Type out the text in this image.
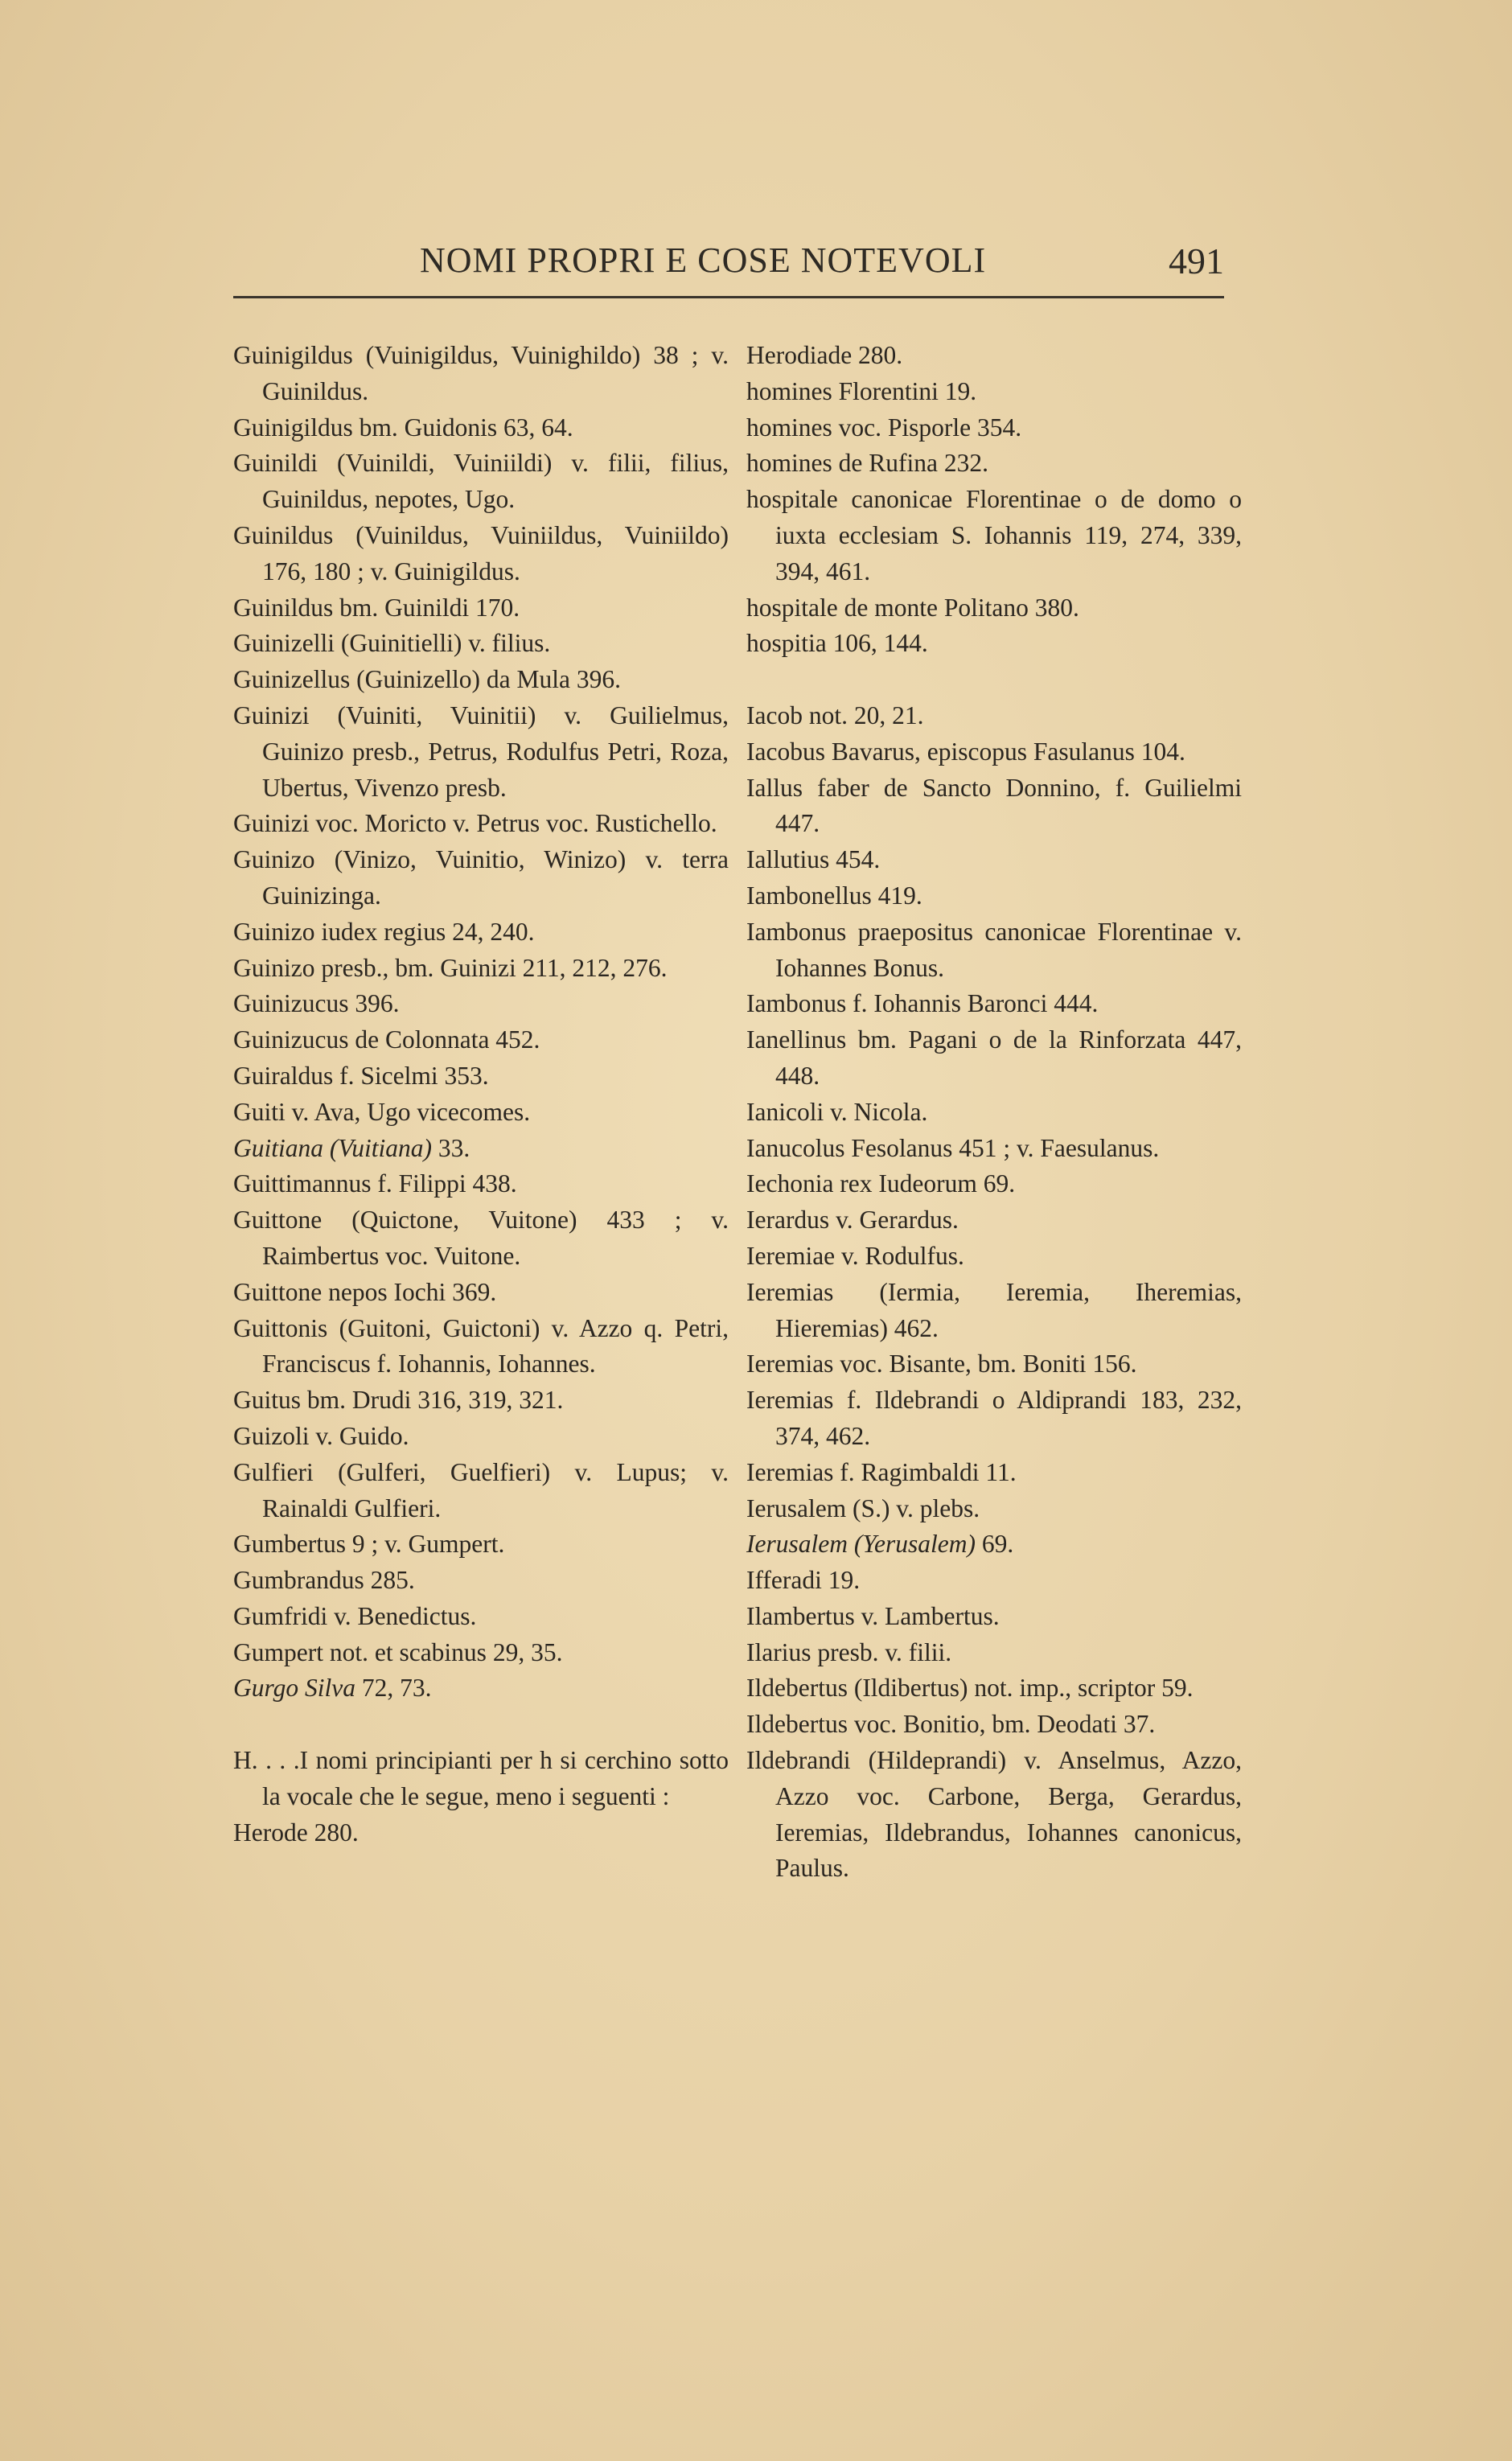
NOMI PROPRI E COSE NOTEVOLI	491
Guinigildus (Vuinigildus, Vuinighildo) 38 ; v. Guinildus.
Guinigildus bm. Guidonis 63, 64.
Guinildi (Vuinildi, Vuiniildi) v. filii, filius, Guinildus, nepotes, Ugo.
Guinildus (Vuinildus, Vuiniildus, Vuiniildo) 176, 180 ; v. Guinigildus.
Guinildus bm. Guinildi 170.
Guinizelli (Guinitielli) v. filius.
Guinizellus (Guinizello) da Mula 396.
Guinizi (Vuiniti, Vuinitii) v. Guilielmus, Guinizo presb., Petrus, Rodulfus Petri, Roza, Ubertus, Vivenzo presb.
Guinizi voc. Moricto v. Petrus voc. Rustichello.
Guinizo (Vinizo, Vuinitio, Winizo) v. terra Guinizinga.
Guinizo iudex regius 24, 240.
Guinizo presb., bm. Guinizi 211, 212, 276.
Guinizucus 396.
Guinizucus de Colonnata 452.
Guiraldus f. Sicelmi 353.
Guiti v. Ava, Ugo vicecomes.
Guitiana (Vuitiana) 33.
Guittimannus f. Filippi 438.
Guittone (Quictone, Vuitone) 433 ; v. Raimbertus voc. Vuitone.
Guittone nepos Iochi 369.
Guittonis (Guitoni, Guictoni) v. Azzo q. Petri, Franciscus f. Iohannis, Iohannes.
Guitus bm. Drudi 316, 319, 321.
Guizoli v. Guido.
Gulfieri (Gulferi, Guelfieri) v. Lupus; v. Rainaldi Gulfieri.
Gumbertus 9 ; v. Gumpert.
Gumbrandus 285.
Gumfridi v. Benedictus.
Gumpert not. et scabinus 29, 35.
Gurgo Silva 72, 73.
H. . . .I nomi principianti per h si cerchino sotto la vocale che le segue, meno i seguenti :
Herode 280.
Herodiade 280.
homines Florentini 19.
homines voc. Pisporle 354.
homines de Rufina 232.
hospitale canonicae Florentinae o de domo o iuxta ecclesiam S. Iohannis 119, 274, 339, 394, 461.
hospitale de monte Politano 380.
hospitia 106, 144.
Iacob not. 20, 21.
Iacobus Bavarus, episcopus Fasulanus 104.
Iallus faber de Sancto Donnino, f. Guilielmi 447.
Iallutius 454.
Iambonellus 419.
Iambonus praepositus canonicae Florentinae v. Iohannes Bonus.
Iambonus f. Iohannis Baronci 444.
Ianellinus bm. Pagani o de la Rinforzata 447, 448.
Ianicoli v. Nicola.
Ianucolus Fesolanus 451 ; v. Faesulanus.
Iechonia rex Iudeorum 69.
Ierardus v. Gerardus.
Ieremiae v. Rodulfus.
Ieremias (Iermia, Ieremia, Iheremias, Hieremias) 462.
Ieremias voc. Bisante, bm. Boniti 156.
Ieremias f. Ildebrandi o Aldiprandi 183, 232, 374, 462.
Ieremias f. Ragimbaldi 11.
Ierusalem (S.) v. plebs.
Ierusalem (Yerusalem) 69.
Ifferadi 19.
Ilambertus v. Lambertus.
Ilarius presb. v. filii.
Ildebertus (Ildibertus) not. imp., scriptor 59.
Ildebertus voc. Bonitio, bm. Deodati 37.
Ildebrandi (Hildeprandi) v. Anselmus, Azzo, Azzo voc. Carbone, Berga, Gerardus, Ieremias, Ildebrandus, Iohannes canonicus, Paulus.
